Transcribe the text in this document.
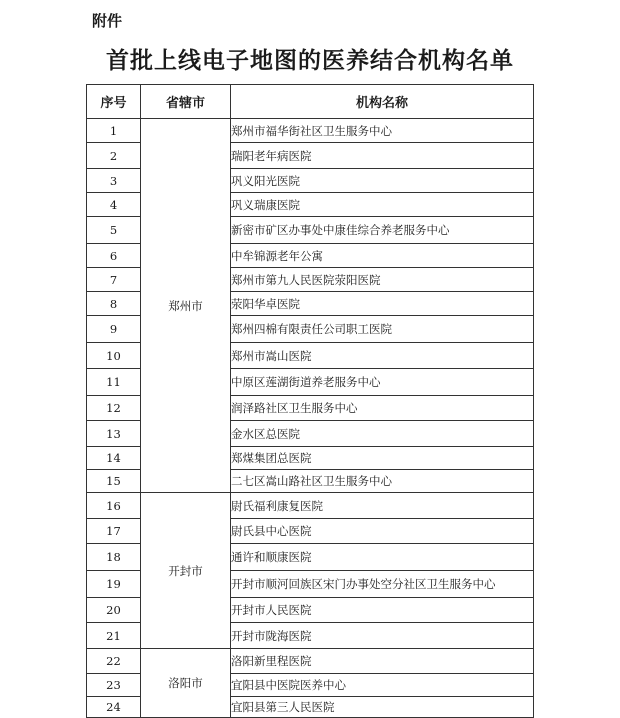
附件
首批上线电子地图的医养结合机构名单
序号	省辖市	机构名称
1	郑州市	郑州市福华街社区卫生服务中心
2		瑞阳老年病医院
3		巩义阳光医院
4		巩义瑞康医院
5		新密市矿区办事处中康佳综合养老服务中心
6		中牟锦源老年公寓
7		郑州市第九人民医院荥阳医院
8		荥阳华卓医院
9		郑州四棉有限责任公司职工医院
10		郑州市嵩山医院
11		中原区莲湖街道养老服务中心
12		润泽路社区卫生服务中心
13		金水区总医院
14		郑煤集团总医院
15		二七区嵩山路社区卫生服务中心
16	开封市	尉氏福利康复医院
17		尉氏县中心医院
18		通许和顺康医院
19		开封市顺河回族区宋门办事处空分社区卫生服务中心
20		开封市人民医院
21		开封市陇海医院
22	洛阳市	洛阳新里程医院
23		宜阳县中医院医养中心
24		宜阳县第三人民医院
